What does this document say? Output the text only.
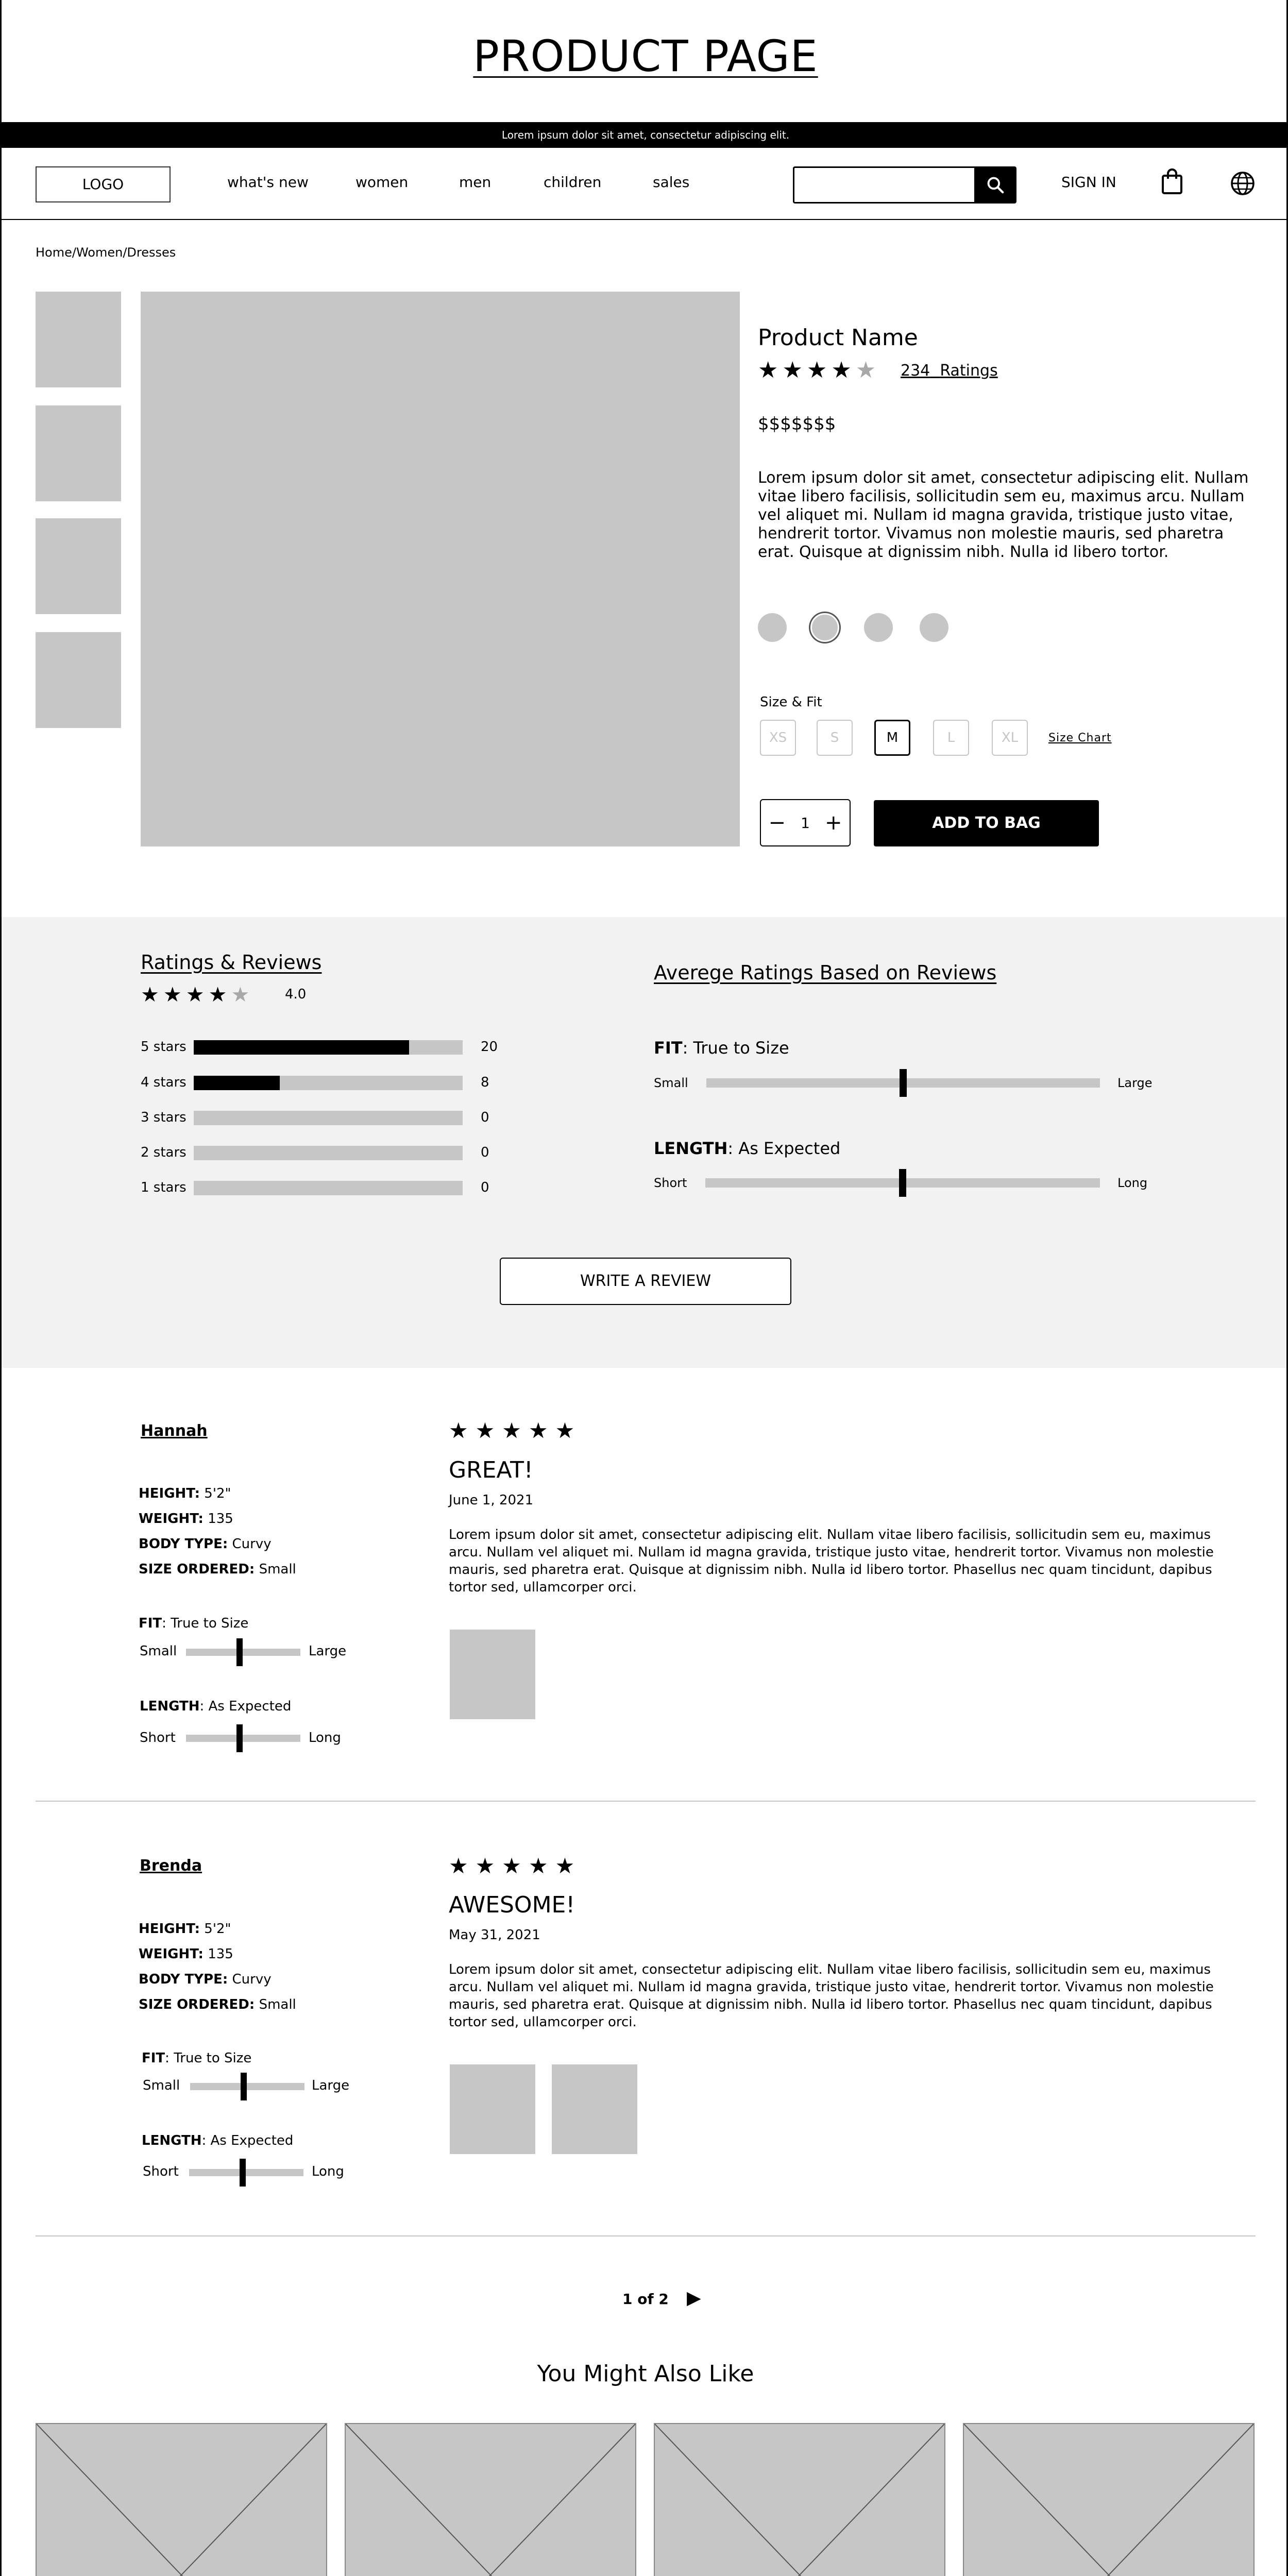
PRODUCT PAGE
Lorem ipsum dolor sit amet, consectetur adipiscing elit.
LOGO	what's new	women	men	children	sales	SIGN IN
Home/Women/Dresses
Product Name
★★★★★ 234 Ratings
$$$$$$$
Lorem ipsum dolor sit amet, consectetur adipiscing elit. Nullam vitae libero facilisis, sollicitudin sem eu, maximus arcu. Nullam vel aliquet mi. Nullam id magna gravida, tristique justo vitae, hendrerit tortor. Vivamus non molestie mauris, sed pharetra erat. Quisque at dignissim nibh. Nulla id libero tortor.
Size & Fit
XS	S	M	L	XL	Size Chart
− 1 +	ADD TO BAG
Ratings & Reviews
★★★★★ 4.0
5 stars	20
4 stars	8
3 stars	0
2 stars	0
1 stars	0
Averege Ratings Based on Reviews
FIT: True to Size
Small	Large
LENGTH: As Expected
Short	Long
WRITE A REVIEW
Hannah
HEIGHT: 5'2"
WEIGHT: 135
BODY TYPE: Curvy
SIZE ORDERED: Small
FIT: True to Size
Small	Large
LENGTH: As Expected
Short	Long
★★★★★
GREAT!
June 1, 2021
Lorem ipsum dolor sit amet, consectetur adipiscing elit. Nullam vitae libero facilisis, sollicitudin sem eu, maximus arcu. Nullam vel aliquet mi. Nullam id magna gravida, tristique justo vitae, hendrerit tortor. Vivamus non molestie mauris, sed pharetra erat. Quisque at dignissim nibh. Nulla id libero tortor. Phasellus nec quam tincidunt, dapibus tortor sed, ullamcorper orci.
Brenda
HEIGHT: 5'2"
WEIGHT: 135
BODY TYPE: Curvy
SIZE ORDERED: Small
FIT: True to Size
Small	Large
LENGTH: As Expected
Short	Long
★★★★★
AWESOME!
May 31, 2021
Lorem ipsum dolor sit amet, consectetur adipiscing elit. Nullam vitae libero facilisis, sollicitudin sem eu, maximus arcu. Nullam vel aliquet mi. Nullam id magna gravida, tristique justo vitae, hendrerit tortor. Vivamus non molestie mauris, sed pharetra erat. Quisque at dignissim nibh. Nulla id libero tortor. Phasellus nec quam tincidunt, dapibus tortor sed, ullamcorper orci.
1 of 2 ▶
You Might Also Like
